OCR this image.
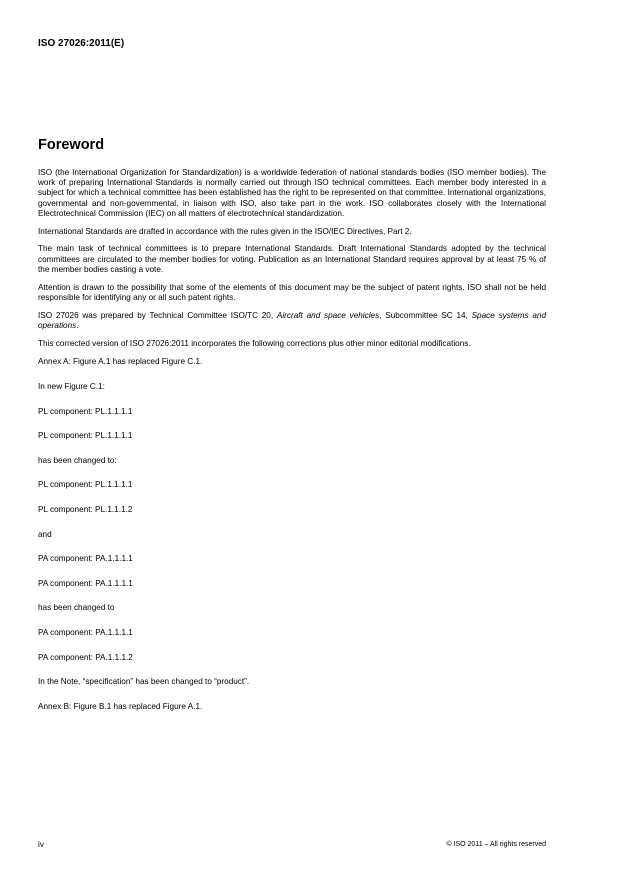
ISO 27026:2011(E)
Foreword

ISO (the International Organization for Standardization) is a worldwide federation of national standards bodies (ISO member bodies). The work of preparing International Standards is normally carried out through ISO technical committees. Each member body interested in a subject for which a technical committee has been established has the right to be represented on that committee. International organizations, governmental and non-governmental, in liaison with ISO, also take part in the work. ISO collaborates closely with the International Electrotechnical Commission (IEC) on all matters of electrotechnical standardization.

International Standards are drafted in accordance with the rules given in the ISO/IEC Directives, Part 2.

The main task of technical committees is to prepare International Standards. Draft International Standards adopted by the technical committees are circulated to the member bodies for voting. Publication as an International Standard requires approval by at least 75 % of the member bodies casting a vote.

Attention is drawn to the possibility that some of the elements of this document may be the subject of patent rights. ISO shall not be held responsible for identifying any or all such patent rights.

ISO 27026 was prepared by Technical Committee ISO/TC 20, Aircraft and space vehicles, Subcommittee SC 14, Space systems and operations.

This corrected version of ISO 27026:2011 incorporates the following corrections plus other minor editorial modifications.

Annex A: Figure A.1 has replaced Figure C.1.

In new Figure C.1:

PL component: PL.1.1.1.1

PL component: PL.1.1.1.1

has been changed to:

PL component: PL.1.1.1.1

PL component: PL.1.1.1.2

and

PA component: PA.1.1.1.1

PA component: PA.1.1.1.1

has been changed to

PA component: PA.1.1.1.1

PA component: PA.1.1.1.2

In the Note, “specification” has been changed to “product”.

Annex B: Figure B.1 has replaced Figure A.1.

iv	© ISO 2011 – All rights reserved
